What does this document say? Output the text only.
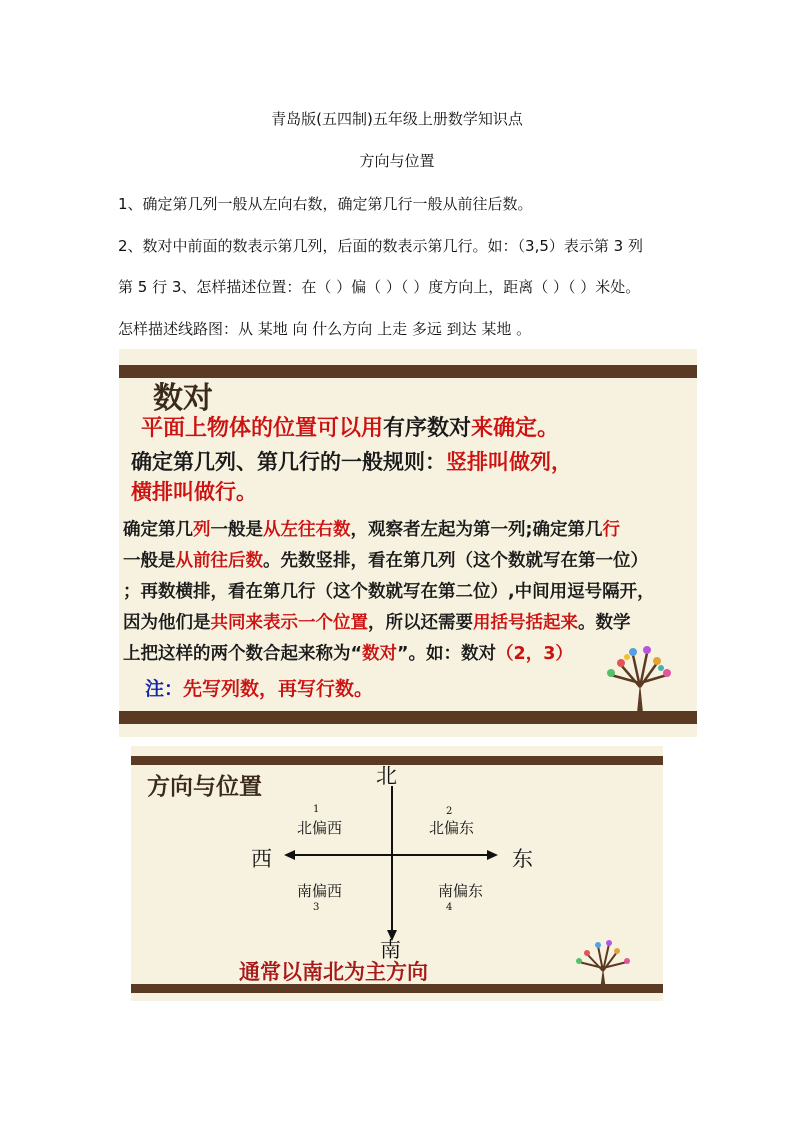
青岛版(五四制)五年级上册数学知识点
方向与位置
1、确定第几列一般从左向右数，确定第几行一般从前往后数。
2、数对中前面的数表示第几列，后面的数表示第几行。如：（3,5）表示第 3 列
第 5 行 3、怎样描述位置：在（ ）偏（ ）（ ）度方向上，距离（ ）（ ）米处。
怎样描述线路图：从 某地 向 什么方向 上走 多远 到达 某地 。
数对
平面上物体的位置可以用有序数对来确定。
确定第几列、第几行的一般规则：竖排叫做列，
横排叫做行。
确定第几列一般是从左往右数，观察者左起为第一列;确定第几行
一般是从前往后数。先数竖排，看在第几列（这个数就写在第一位）
；再数横排，看在第几行（这个数就写在第二位）,中间用逗号隔开，
因为他们是共同来表示一个位置，所以还需要用括号括起来。数学
上把这样的两个数合起来称为“数对”。如：数对（2，3）
注：先写列数，再写行数。
方向与位置	北
南
西	东
1
北偏西
2
北偏东
南偏西
3
南偏东
4
通常以南北为主方向
